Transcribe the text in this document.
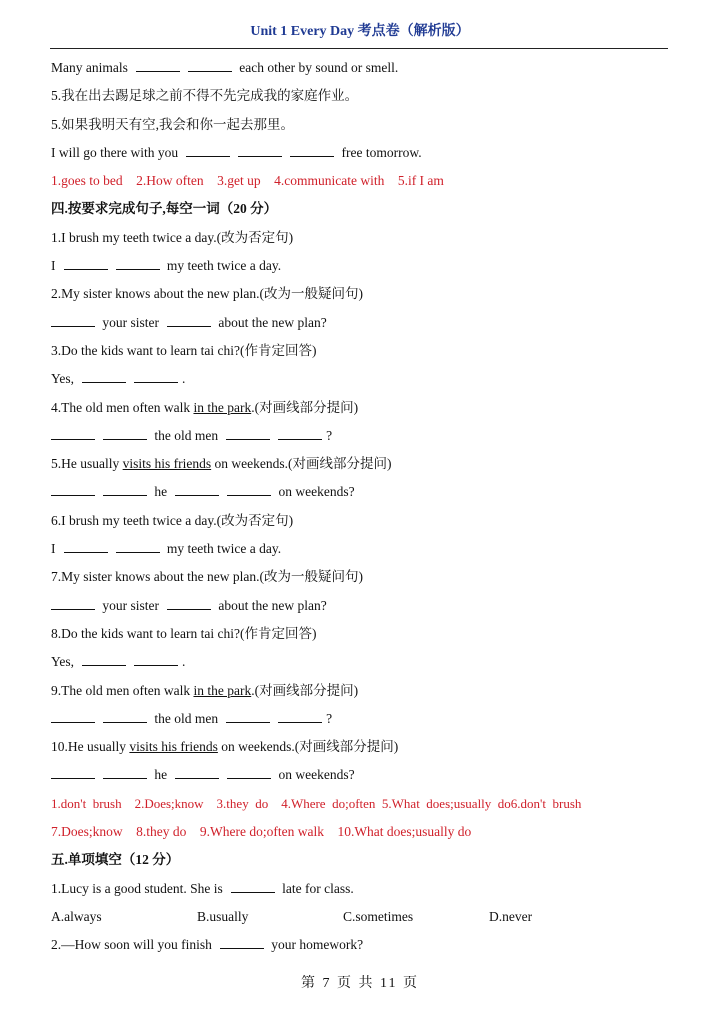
Unit 1 Every Day 考点卷（解析版）
Many animals	each other by sound or smell.
5.我在出去踢足球之前不得不先完成我的家庭作业。
5.如果我明天有空,我会和你一起去那里。
I will go there with you	free tomorrow.
1.goes to bed    2.How often    3.get up    4.communicate with    5.if I am
四.按要求完成句子,每空一词（20 分）
1.I brush my teeth twice a day.(改为否定句)
I	my teeth twice a day.
2.My sister knows about the new plan.(改为一般疑问句)
your sister	about the new plan?
3.Do the kids want to learn tai chi?(作肯定回答)
Yes,	.
4.The old men often walk in the park.(对画线部分提问)
the old men	?
5.He usually visits his friends on weekends.(对画线部分提问)
he	on weekends?
6.I brush my teeth twice a day.(改为否定句)
I	my teeth twice a day.
7.My sister knows about the new plan.(改为一般疑问句)
your sister	about the new plan?
8.Do the kids want to learn tai chi?(作肯定回答)
Yes,	.
9.The old men often walk in the park.(对画线部分提问)
the old men	?
10.He usually visits his friends on weekends.(对画线部分提问)
he	on weekends?
1.don't  brush    2.Does;know    3.they  do    4.Where  do;often  5.What  does;usually  do6.don't  brush
7.Does;know    8.they do    9.Where do;often walk    10.What does;usually do
五.单项填空（12 分）
1.Lucy is a good student. She is	late for class.
A.always	B.usually	C.sometimes	D.never
2.—How soon will you finish	your homework?
第 7 页 共 11 页
